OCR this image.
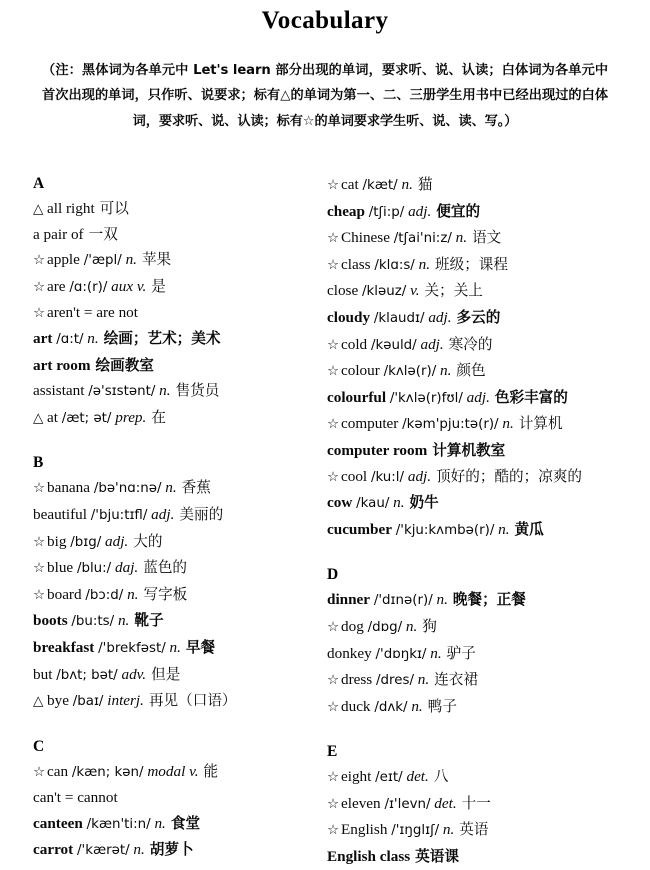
Vocabulary
（注：黑体词为各单元中 Let's learn 部分出现的单词，要求听、说、认读；白体词为各单元中首次出现的单词，只作听、说要求；标有△的单词为第一、二、三册学生用书中已经出现过的白体词，要求听、说、认读；标有☆的单词要求学生听、说、读、写。）
A
△ all right 可以
a pair of 一双
☆ apple /'æpl/ n. 苹果
☆ are /ɑ:(r)/ aux v. 是
☆ aren't = are not
art /ɑ:t/ n. 绘画；艺术；美术
art room 绘画教室
assistant /ə'sɪstənt/ n. 售货员
△ at /æt; ət/ prep. 在
B
☆ banana /bə'nɑ:nə/ n. 香蕉
beautiful /'bju:tɪfl/ adj. 美丽的
☆ big /bɪg/ adj. 大的
☆ blue /blu:/ daj. 蓝色的
☆ board /bɔ:d/ n. 写字板
boots /bu:ts/ n. 靴子
breakfast /'brekfəst/ n. 早餐
but /bʌt; bət/ adv. 但是
△ bye /baɪ/ interj. 再见（口语）
C
☆ can /kæn; kən/ modal v. 能
can't = cannot
canteen /kæn'ti:n/ n. 食堂
carrot /'kærət/ n. 胡萝卜
☆ cat /kæt/ n. 猫
cheap /tʃi:p/ adj. 便宜的
☆ Chinese /tʃai'ni:z/ n. 语文
☆ class /klɑ:s/ n. 班级；课程
close /kləuz/ v. 关；关上
cloudy /klaudɪ/ adj. 多云的
☆ cold /kəuld/ adj. 寒冷的
☆ colour /kʌlə(r)/ n. 颜色
colourful /'kʌlə(r)fʊl/ adj. 色彩丰富的
☆ computer /kəm'pju:tə(r)/ n. 计算机
computer room 计算机教室
☆ cool /ku:l/ adj. 顶好的；酷的；凉爽的
cow /kau/ n. 奶牛
cucumber /'kju:kʌmbə(r)/ n. 黄瓜
D
dinner /'dɪnə(r)/ n. 晚餐；正餐
☆ dog /dɒg/ n. 狗
donkey /'dɒŋkɪ/ n. 驴子
☆ dress /dres/ n. 连衣裙
☆ duck /dʌk/ n. 鸭子
E
☆ eight /eɪt/ det. 八
☆ eleven /ɪ'levn/ det. 十一
☆ English /'ɪŋglɪʃ/ n. 英语
English class 英语课
